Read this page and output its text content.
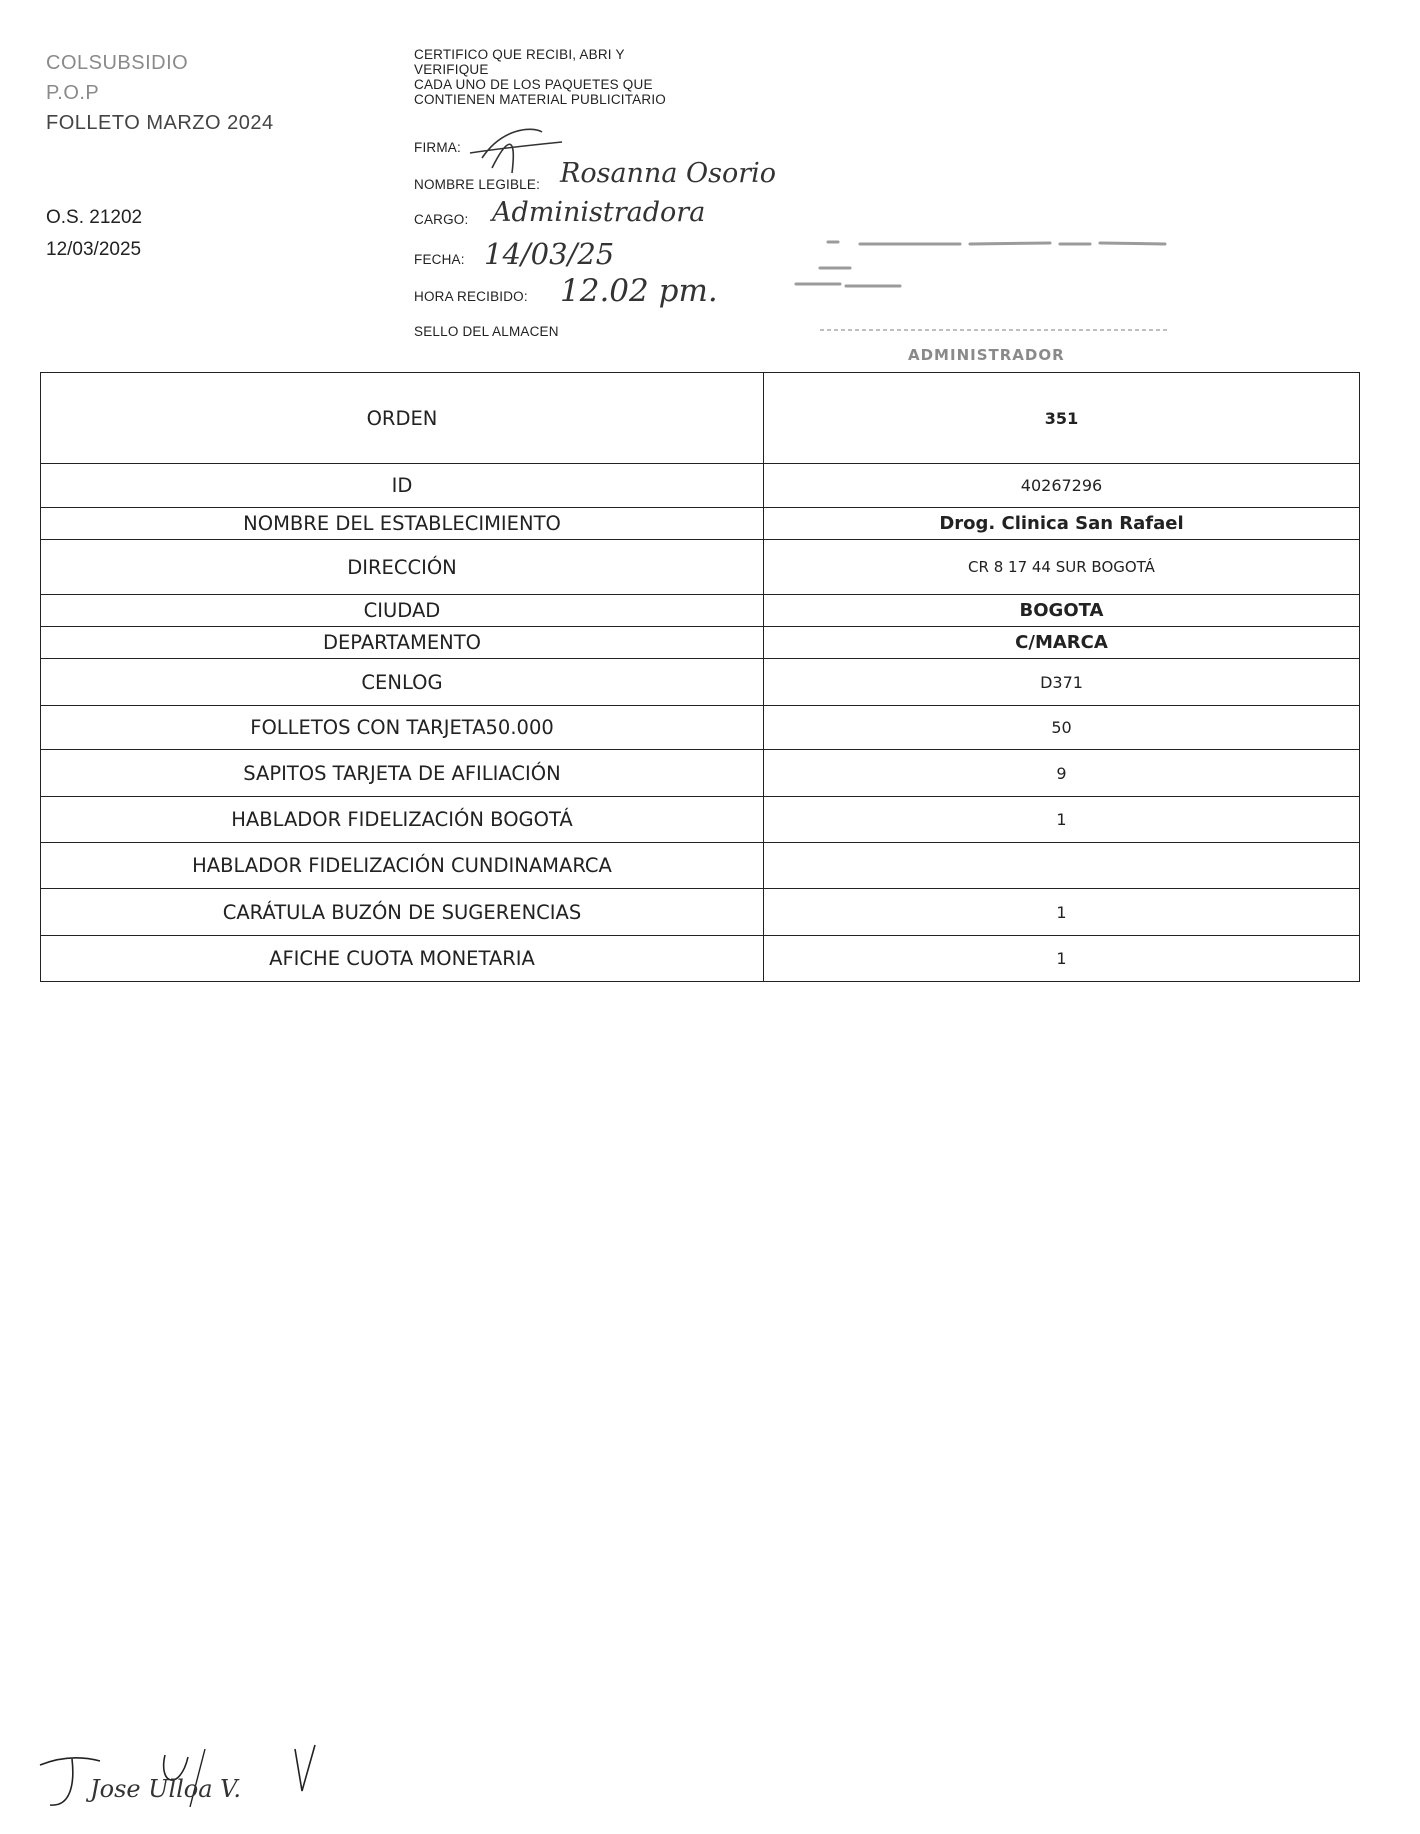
COLSUBSIDIO
P.O.P
FOLLETO MARZO 2024
O.S. 21202
12/03/2025
CERTIFICO QUE RECIBI, ABRI Y
VERIFIQUE
CADA UNO DE LOS PAQUETES QUE
CONTIENEN MATERIAL PUBLICITARIO
FIRMA:
NOMBRE LEGIBLE: Rosanna Osorio
CARGO: Administradora
FECHA: 14/03/25
HORA RECIBIDO: 12.02 pm.
SELLO DEL ALMACEN
ADMINISTRADOR
ORDEN	351
ID	40267296
NOMBRE DEL ESTABLECIMIENTO	Drog. Clinica San Rafael
DIRECCIÓN	CR 8 17 44 SUR BOGOTÁ
CIUDAD	BOGOTA
DEPARTAMENTO	C/MARCA
CENLOG	D371
FOLLETOS CON TARJETA50.000	50
SAPITOS TARJETA DE AFILIACIÓN	9
HABLADOR FIDELIZACIÓN BOGOTÁ	1
HABLADOR FIDELIZACIÓN CUNDINAMARCA	
CARÁTULA BUZÓN DE SUGERENCIAS	1
AFICHE CUOTA MONETARIA	1
Jose Ulloa V.
